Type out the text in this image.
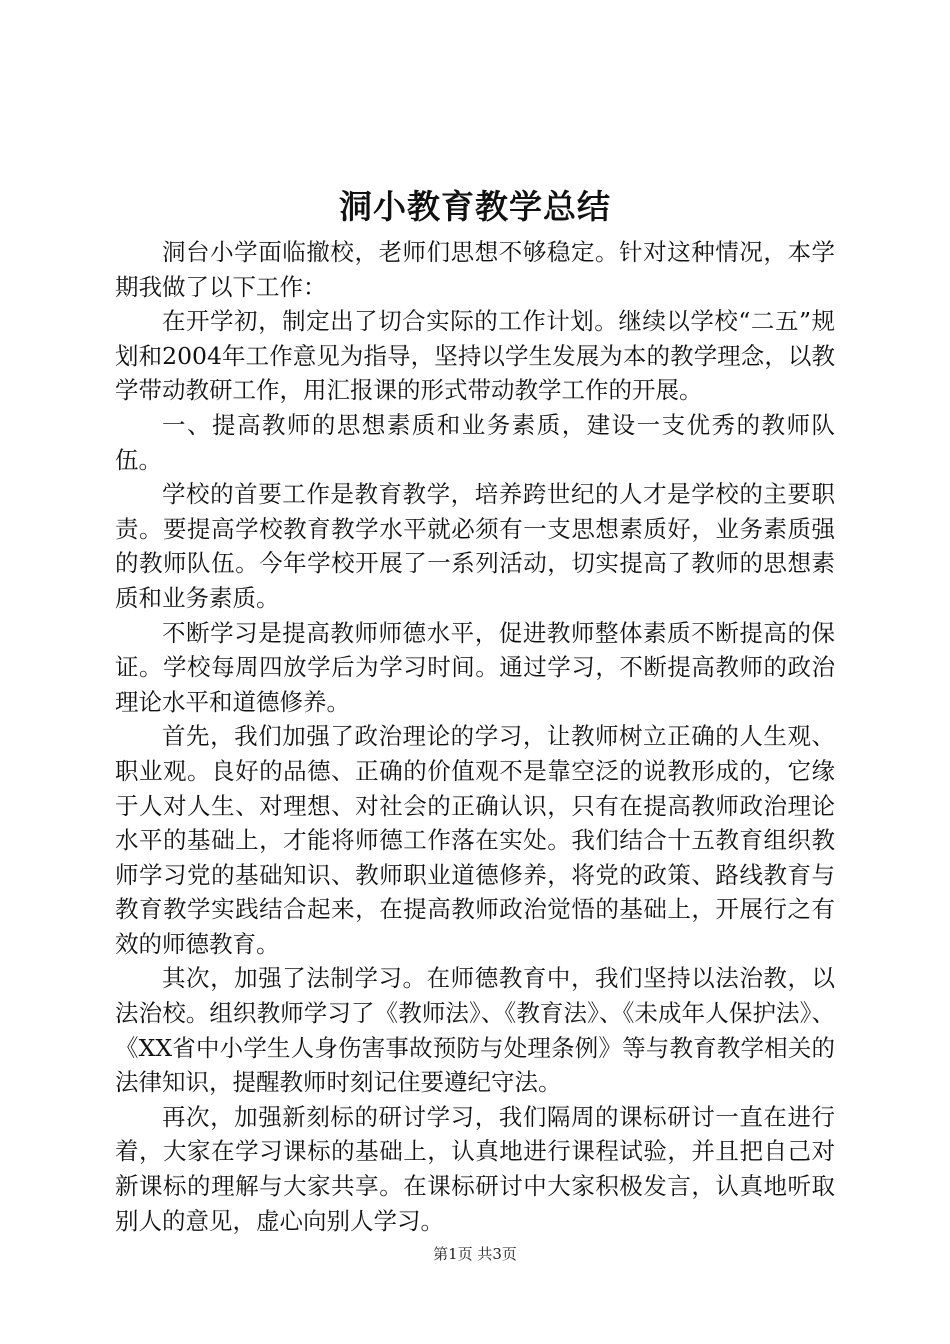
洞小教育教学总结

洞台小学面临撤校，老师们思想不够稳定。针对这种情况，本学期我做了以下工作：

在开学初，制定出了切合实际的工作计划。继续以学校“二五”规划和2004年工作意见为指导，坚持以学生发展为本的教学理念，以教学带动教研工作，用汇报课的形式带动教学工作的开展。

一、提高教师的思想素质和业务素质，建设一支优秀的教师队伍。

学校的首要工作是教育教学，培养跨世纪的人才是学校的主要职责。要提高学校教育教学水平就必须有一支思想素质好，业务素质强的教师队伍。今年学校开展了一系列活动，切实提高了教师的思想素质和业务素质。

不断学习是提高教师师德水平，促进教师整体素质不断提高的保证。学校每周四放学后为学习时间。通过学习，不断提高教师的政治理论水平和道德修养。

首先，我们加强了政治理论的学习，让教师树立正确的人生观、职业观。良好的品德、正确的价值观不是靠空泛的说教形成的，它缘于人对人生、对理想、对社会的正确认识，只有在提高教师政治理论水平的基础上，才能将师德工作落在实处。我们结合十五教育组织教师学习党的基础知识、教师职业道德修养，将党的政策、路线教育与教育教学实践结合起来，在提高教师政治觉悟的基础上，开展行之有效的师德教育。

其次，加强了法制学习。在师德教育中，我们坚持以法治教，以法治校。组织教师学习了《教师法》、《教育法》、《未成年人保护法》、《XX省中小学生人身伤害事故预防与处理条例》等与教育教学相关的法律知识，提醒教师时刻记住要遵纪守法。

再次，加强新刻标的研讨学习，我们隔周的课标研讨一直在进行着，大家在学习课标的基础上，认真地进行课程试验，并且把自己对新课标的理解与大家共享。在课标研讨中大家积极发言，认真地听取别人的意见，虚心向别人学习。

第1页 共3页
